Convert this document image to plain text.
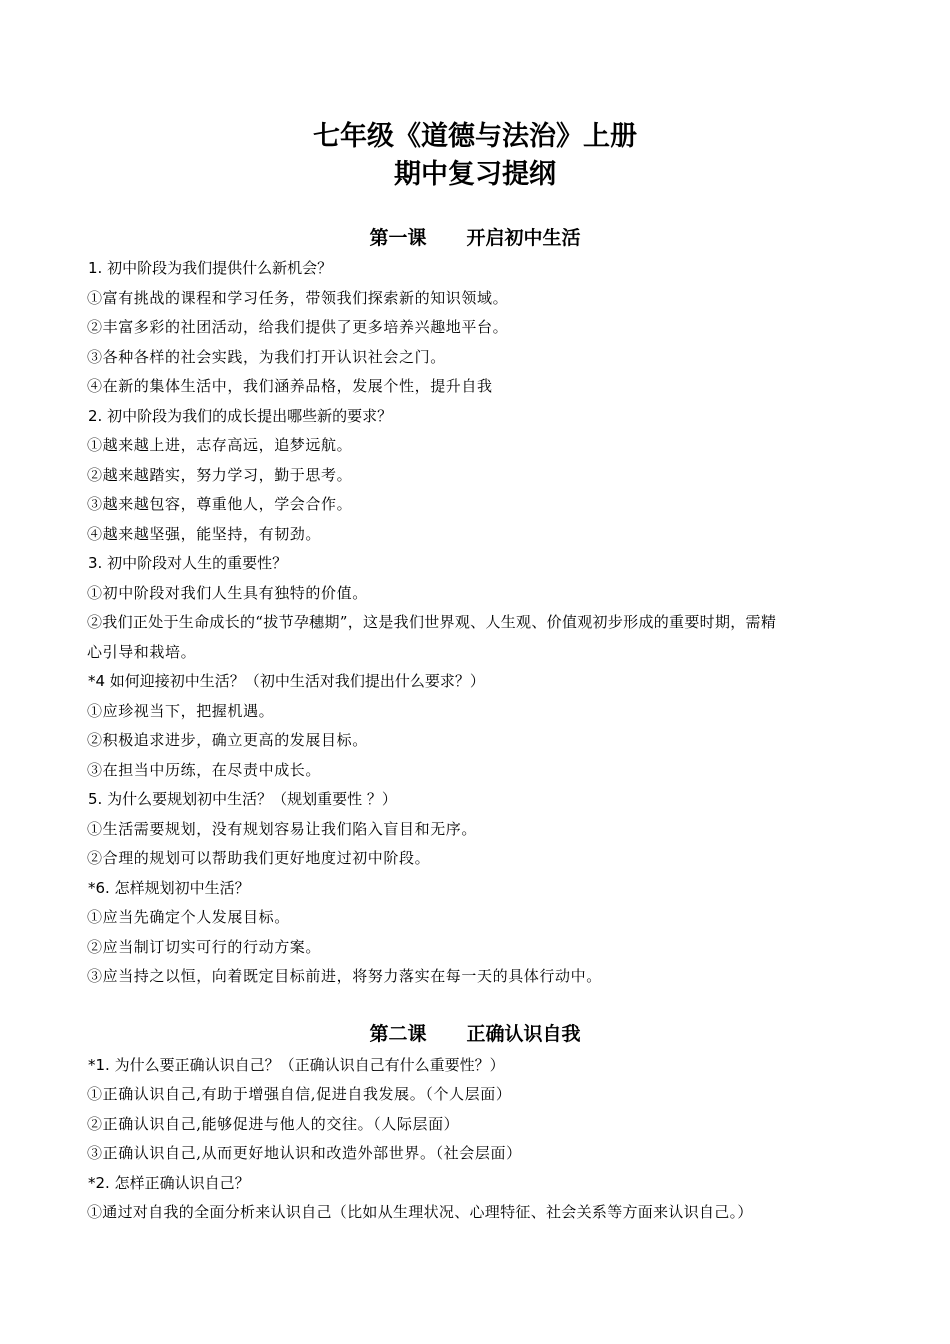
七年级《道德与法治》上册
期中复习提纲
第一课 开启初中生活
1. 初中阶段为我们提供什么新机会？
①富有挑战的课程和学习任务，带领我们探索新的知识领域。
②丰富多彩的社团活动，给我们提供了更多培养兴趣地平台。
③各种各样的社会实践，为我们打开认识社会之门。
④在新的集体生活中，我们涵养品格，发展个性，提升自我
2. 初中阶段为我们的成长提出哪些新的要求？
①越来越上进，志存高远，追梦远航。
②越来越踏实，努力学习，勤于思考。
③越来越包容，尊重他人，学会合作。
④越来越坚强，能坚持，有韧劲。
3. 初中阶段对人生的重要性？
①初中阶段对我们人生具有独特的价值。
②我们正处于生命成长的“拔节孕穗期”，这是我们世界观、人生观、价值观初步形成的重要时期，需精
心引导和栽培。
*4 如何迎接初中生活？（初中生活对我们提出什么要求？）
①应珍视当下，把握机遇。
②积极追求进步，确立更高的发展目标。
③在担当中历练，在尽责中成长。
5. 为什么要规划初中生活？（规划重要性 ？）
①生活需要规划，没有规划容易让我们陷入盲目和无序。
②合理的规划可以帮助我们更好地度过初中阶段。
*6. 怎样规划初中生活？
①应当先确定个人发展目标。
②应当制订切实可行的行动方案。
③应当持之以恒，向着既定目标前进，将努力落实在每一天的具体行动中。
第二课 正确认识自我
*1. 为什么要正确认识自己？（正确认识自己有什么重要性？）
①正确认识自己,有助于增强自信,促进自我发展。（个人层面）
②正确认识自己,能够促进与他人的交往。（人际层面）
③正确认识自己,从而更好地认识和改造外部世界。（社会层面）
*2. 怎样正确认识自己？
①通过对自我的全面分析来认识自己（比如从生理状况、心理特征、社会关系等方面来认识自己。）
